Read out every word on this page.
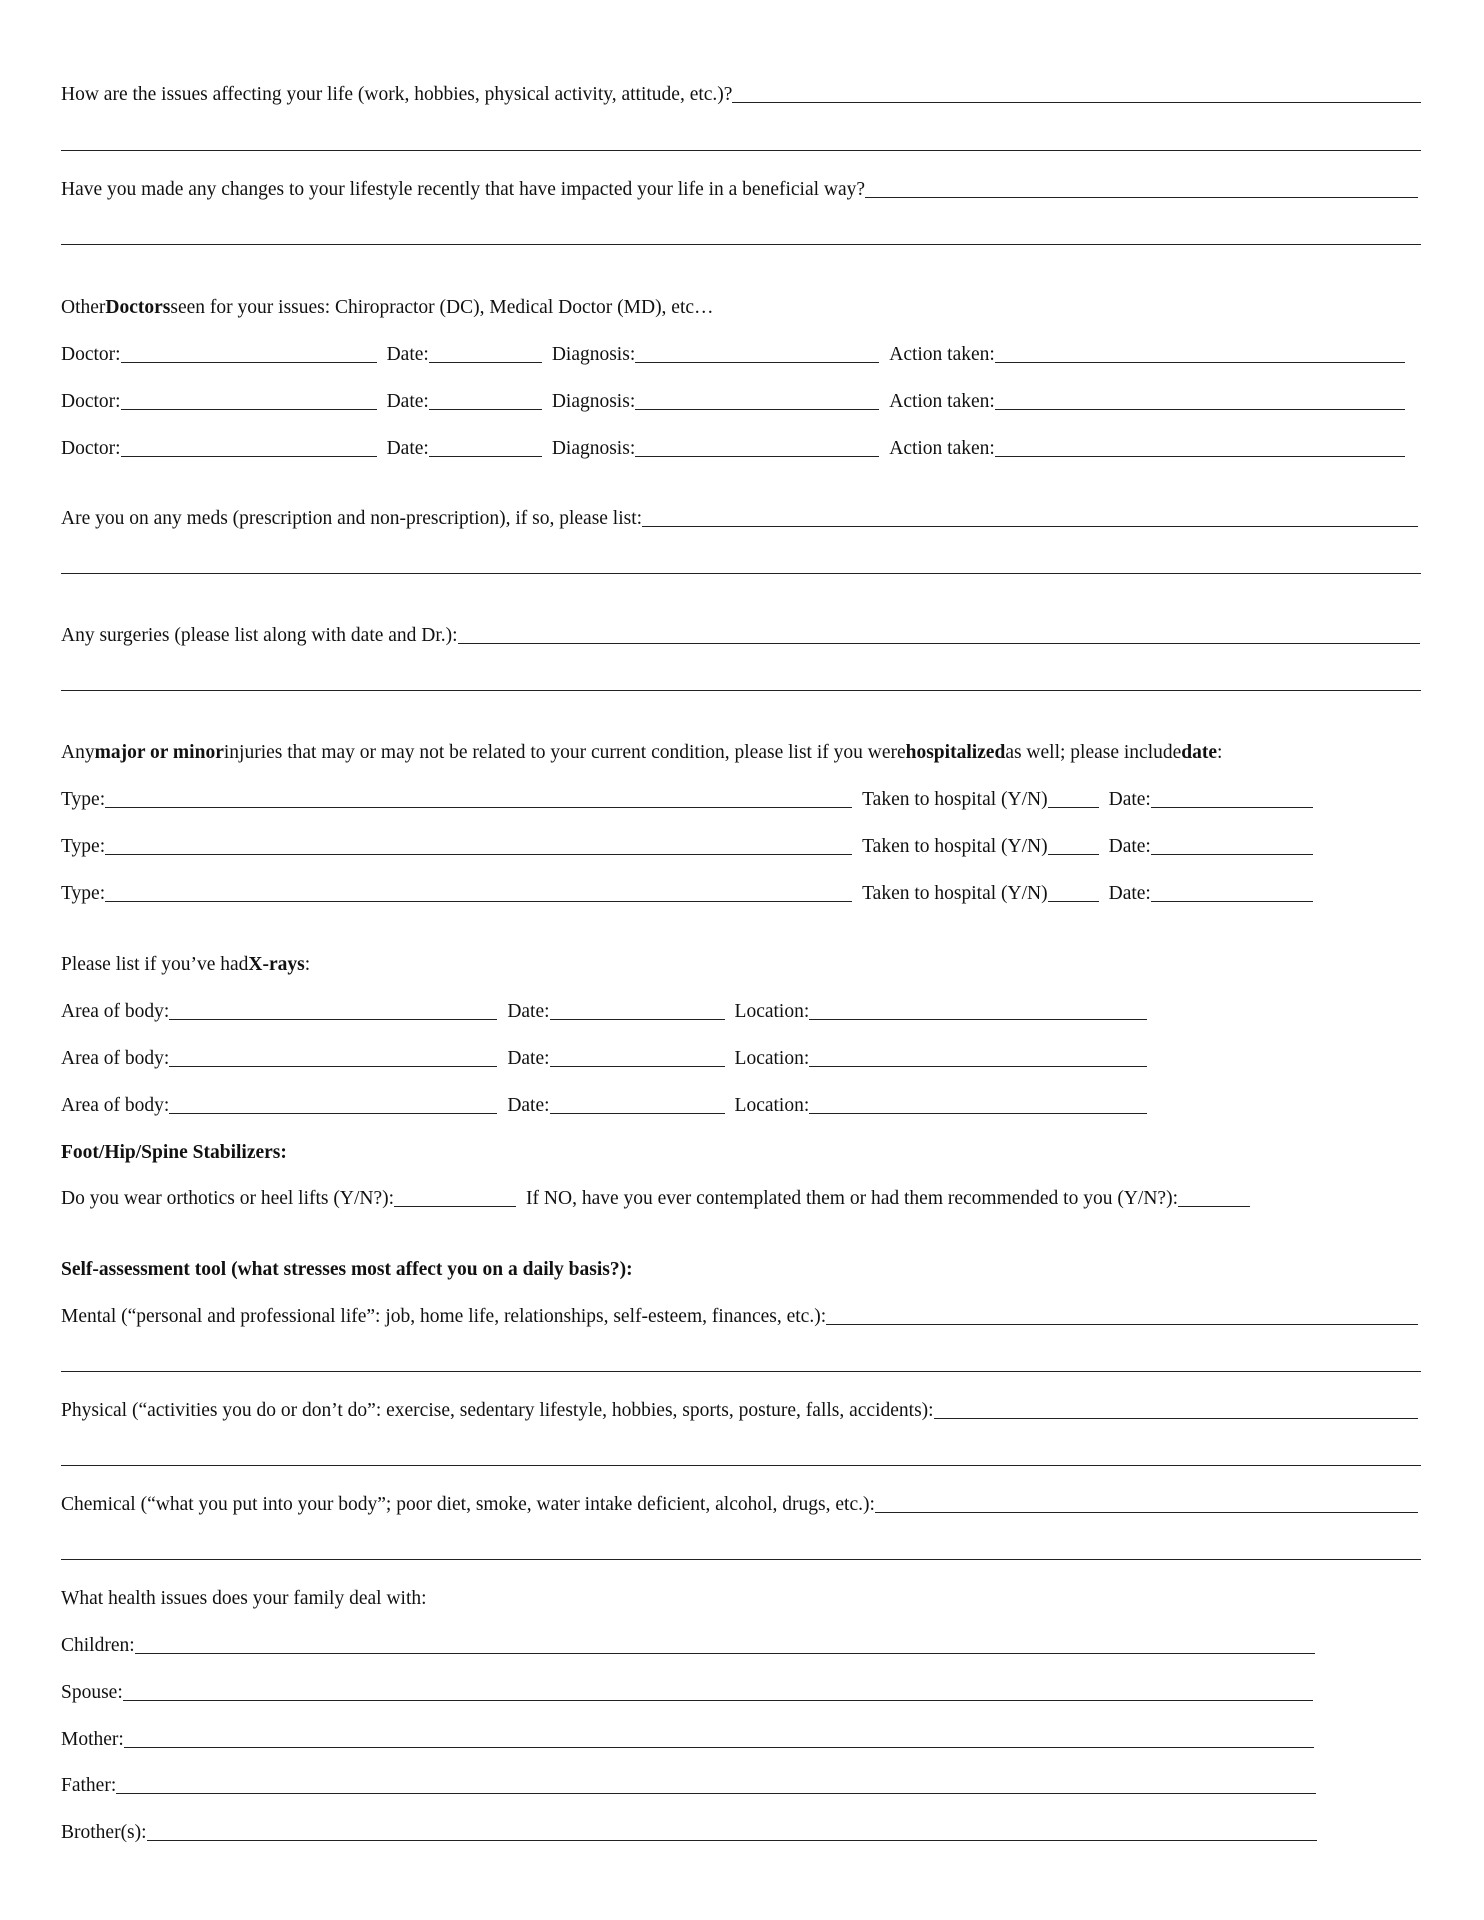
How are the issues affecting your life (work, hobbies, physical activity, attitude, etc.)?
Have you made any changes to your lifestyle recently that have impacted your life in a beneficial way?
Other Doctors seen for your issues: Chiropractor (DC), Medical Doctor (MD), etc…
Doctor:	Date:	Diagnosis:	Action taken:
Doctor:	Date:	Diagnosis:	Action taken:
Doctor:	Date:	Diagnosis:	Action taken:
Are you on any meds (prescription and non-prescription), if so, please list:
Any surgeries (please list along with date and Dr.):
Any major or minor injuries that may or may not be related to your current condition, please list if you were hospitalized as well; please include date :
Type:	Taken to hospital (Y/N)	Date:
Type:	Taken to hospital (Y/N)	Date:
Type:	Taken to hospital (Y/N)	Date:
Please list if you’ve had X-rays :
Area of body:	Date:	Location:
Area of body:	Date:	Location:
Area of body:	Date:	Location:
Foot/Hip/Spine Stabilizers:
Do you wear orthotics or heel lifts (Y/N?):	If NO, have you ever contemplated them or had them recommended to you (Y/N?):
Self-assessment tool (what stresses most affect you on a daily basis?):
Mental (“personal and professional life”: job, home life, relationships, self-esteem, finances, etc.):
Physical (“activities you do or don’t do”: exercise, sedentary lifestyle, hobbies, sports, posture, falls, accidents):
Chemical (“what you put into your body”; poor diet, smoke, water intake deficient, alcohol, drugs, etc.):
What health issues does your family deal with:
Children:
Spouse:
Mother:
Father:
Brother(s):
